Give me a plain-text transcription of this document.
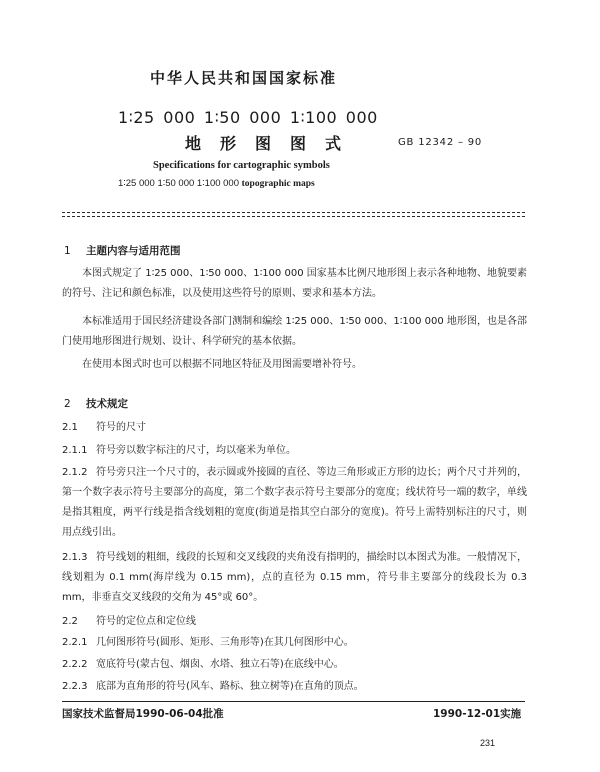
中华人民共和国国家标准
1∶25 000 1∶50 000 1∶100 000
地形图图式	GB 12342 – 90
Specifications for cartographic symbols
1∶25 000 1∶50 000 1∶100 000 topographic maps
1 主题内容与适用范围
本图式规定了 1∶25 000、1∶50 000、1∶100 000 国家基本比例尺地形图上表示各种地物、地貌要素的符号、注记和颜色标准，以及使用这些符号的原则、要求和基本方法。
本标准适用于国民经济建设各部门测制和编绘 1∶25 000、1∶50 000、1∶100 000 地形图，也是各部门使用地形图进行规划、设计、科学研究的基本依据。
在使用本图式时也可以根据不同地区特征及用图需要增补符号。
2 技术规定
2.1 符号的尺寸
2.1.1 符号旁以数字标注的尺寸，均以毫米为单位。
2.1.2 符号旁只注一个尺寸的，表示圆或外接圆的直径、等边三角形或正方形的边长；两个尺寸并列的，第一个数字表示符号主要部分的高度，第二个数字表示符号主要部分的宽度；线状符号一端的数字，单线是指其粗度，两平行线是指含线划粗的宽度(街道是指其空白部分的宽度)。符号上需特别标注的尺寸，则用点线引出。
2.1.3 符号线划的粗细，线段的长短和交叉线段的夹角没有指明的，描绘时以本图式为准。一般情况下，线划粗为 0.1 mm(海岸线为 0.15 mm)，点的直径为 0.15 mm，符号非主要部分的线段长为 0.3 mm，非垂直交叉线段的交角为 45°或 60°。
2.2 符号的定位点和定位线
2.2.1 几何图形符号(圆形、矩形、三角形等)在其几何图形中心。
2.2.2 宽底符号(蒙古包、烟囱、水塔、独立石等)在底线中心。
2.2.3 底部为直角形的符号(风车、路标、独立树等)在直角的顶点。
国家技术监督局1990-06-04批准	1990-12-01实施
231
